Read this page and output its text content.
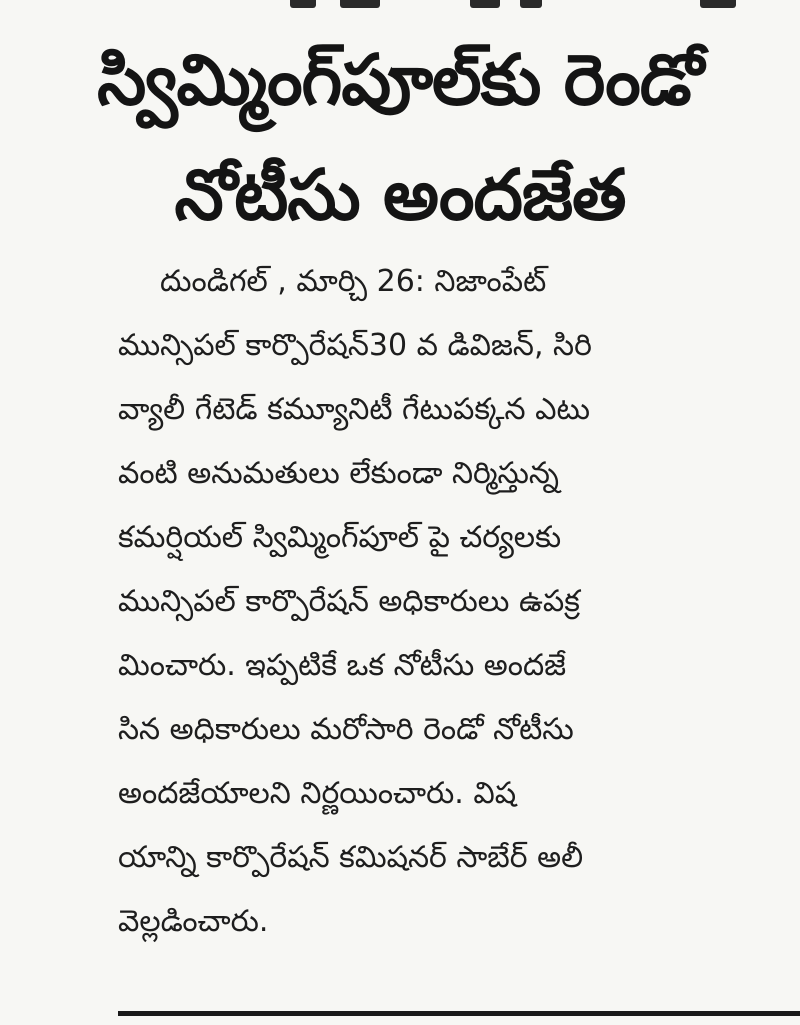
స్విమ్మింగ్‌పూల్‌కు రెండో
నోటీసు అందజేత
దుండిగల్ , మార్చి 26: నిజాంపేట్
మున్సిపల్ కార్పొరేషన్30 వ డివిజన్, సిరి
వ్యాలీ గేటెడ్ కమ్యూనిటీ గేటుపక్కన ఎటు
వంటి అనుమతులు లేకుండా నిర్మిస్తున్న
కమర్షియల్ స్విమ్మింగ్‌పూల్ పై చర్యలకు
మున్సిపల్ కార్పొరేషన్ అధికారులు ఉపక్ర
మించారు. ఇప్పటికే ఒక నోటీసు అందజే
సిన అధికారులు మరోసారి రెండో నోటీసు
అందజేయాలని నిర్ణయించారు. విష
యాన్ని కార్పొరేషన్ కమిషనర్ సాబేర్ అలీ
వెల్లడించారు.
